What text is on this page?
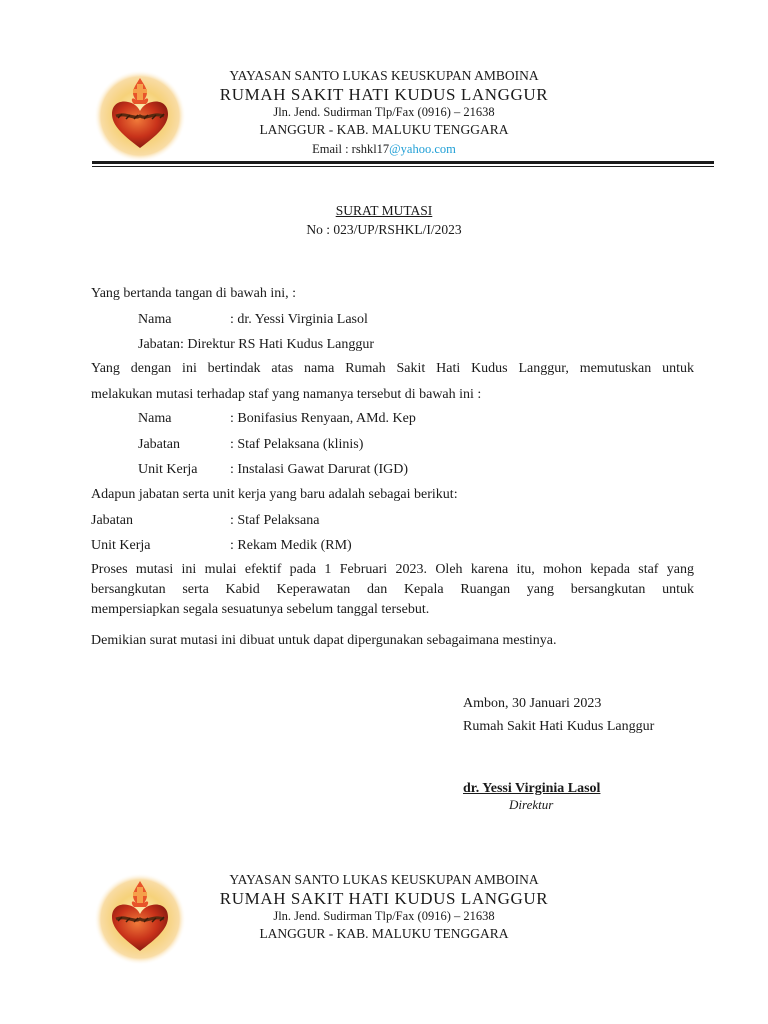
YAYASAN SANTO LUKAS KEUSKUPAN AMBOINA
RUMAH SAKIT HATI KUDUS LANGGUR
Jln. Jend. Sudirman Tlp/Fax (0916) – 21638
LANGGUR - KAB. MALUKU TENGGARA
Email : rshkl17@yahoo.com
SURAT MUTASI
No : 023/UP/RSHKL/I/2023
Yang bertanda tangan di bawah ini, :
Nama	: dr. Yessi Virginia Lasol
Jabatan: Direktur RS Hati Kudus Langgur
Yang dengan ini bertindak atas nama Rumah Sakit Hati Kudus Langgur, memutuskan untuk
melakukan mutasi terhadap staf yang namanya tersebut di bawah ini :
Nama	: Bonifasius Renyaan, AMd. Kep
Jabatan	: Staf Pelaksana (klinis)
Unit Kerja : Instalasi Gawat Darurat (IGD)
Adapun jabatan serta unit kerja yang baru adalah sebagai berikut:
Jabatan	: Staf Pelaksana
Unit Kerja	: Rekam Medik (RM)
Proses mutasi ini mulai efektif pada 1 Februari 2023. Oleh karena itu, mohon kepada staf yang
bersangkutan serta Kabid Keperawatan dan Kepala Ruangan yang bersangkutan untuk
mempersiapkan segala sesuatunya sebelum tanggal tersebut.
Demikian surat mutasi ini dibuat untuk dapat dipergunakan sebagaimana mestinya.
Ambon, 30 Januari 2023
Rumah Sakit Hati Kudus Langgur
dr. Yessi Virginia Lasol
Direktur
YAYASAN SANTO LUKAS KEUSKUPAN AMBOINA
RUMAH SAKIT HATI KUDUS LANGGUR
Jln. Jend. Sudirman Tlp/Fax (0916) – 21638
LANGGUR - KAB. MALUKU TENGGARA
